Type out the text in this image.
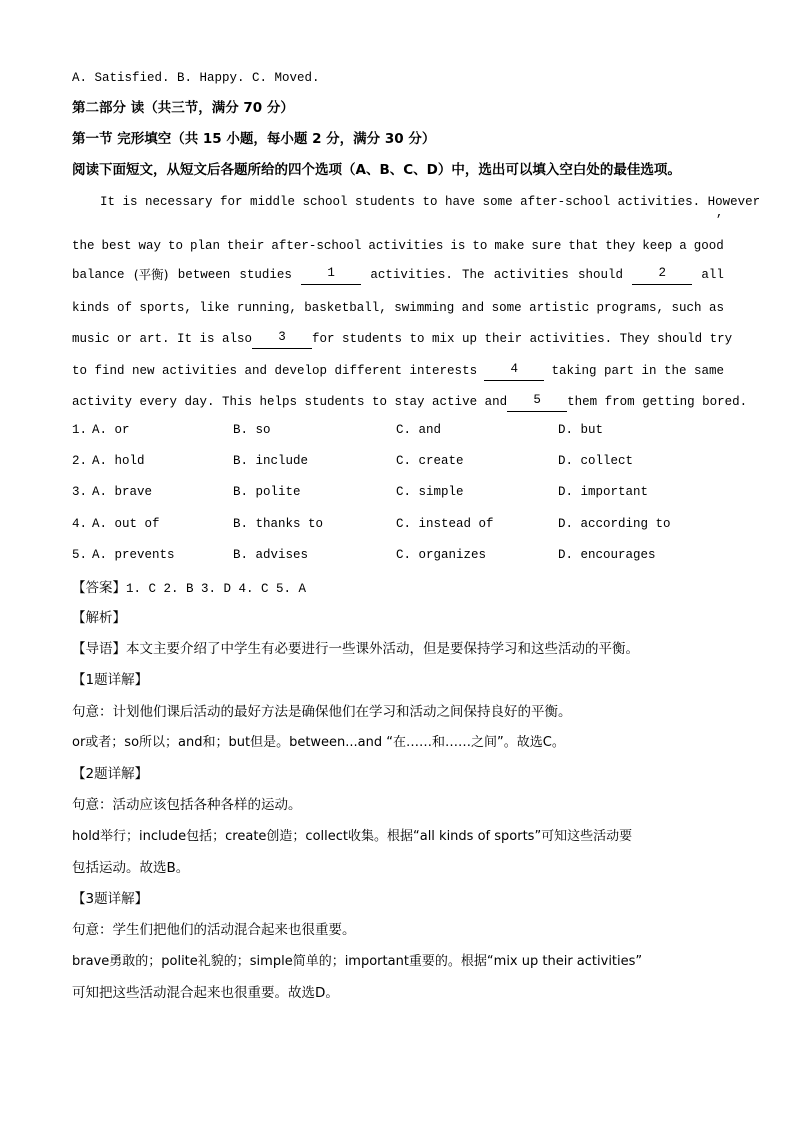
A. Satisfied. B. Happy. C. Moved.
第二部分 读（共三节，满分 70 分）
第一节 完形填空（共 15 小题，每小题 2 分，满分 30 分）
阅读下面短文，从短文后各题所给的四个选项（A、B、C、D）中，选出可以填入空白处的最佳选项。
It is necessary for middle school students to have some after-school activities. However
,
the best way to plan their after-school activities is to make sure that they keep a good
balance (平衡) between studies	1	activities. The activities should	2	all
kinds of sports, like running, basketball, swimming and some artistic programs, such as
music or art. It is also	3	for students to mix up their activities. They should try
to find new activities and develop different interests	4	taking part in the same
activity every day. This helps students to stay active and	5	them from getting bored.
1. A. or	B. so	C. and	D. but
2. A. hold	B. include	C. create	D. collect
3. A. brave	B. polite	C. simple	D. important
4. A. out of	B. thanks to	C. instead of	D. according to
5. A. prevents	B. advises	C. organizes	D. encourages
【答案】1. C 2. B 3. D 4. C 5. A
【解析】
【导语】本文主要介绍了中学生有必要进行一些课外活动，但是要保持学习和这些活动的平衡。
【1题详解】
句意：计划他们课后活动的最好方法是确保他们在学习和活动之间保持良好的平衡。
or或者；so所以；and和；but但是。between...and “在……和……之间”。故选C。
【2题详解】
句意：活动应该包括各种各样的运动。
hold举行；include包括；create创造；collect收集。根据“all kinds of sports”可知这些活动要
包括运动。故选B。
【3题详解】
句意：学生们把他们的活动混合起来也很重要。
brave勇敢的；polite礼貌的；simple简单的；important重要的。根据“mix up their activities”
可知把这些活动混合起来也很重要。故选D。
